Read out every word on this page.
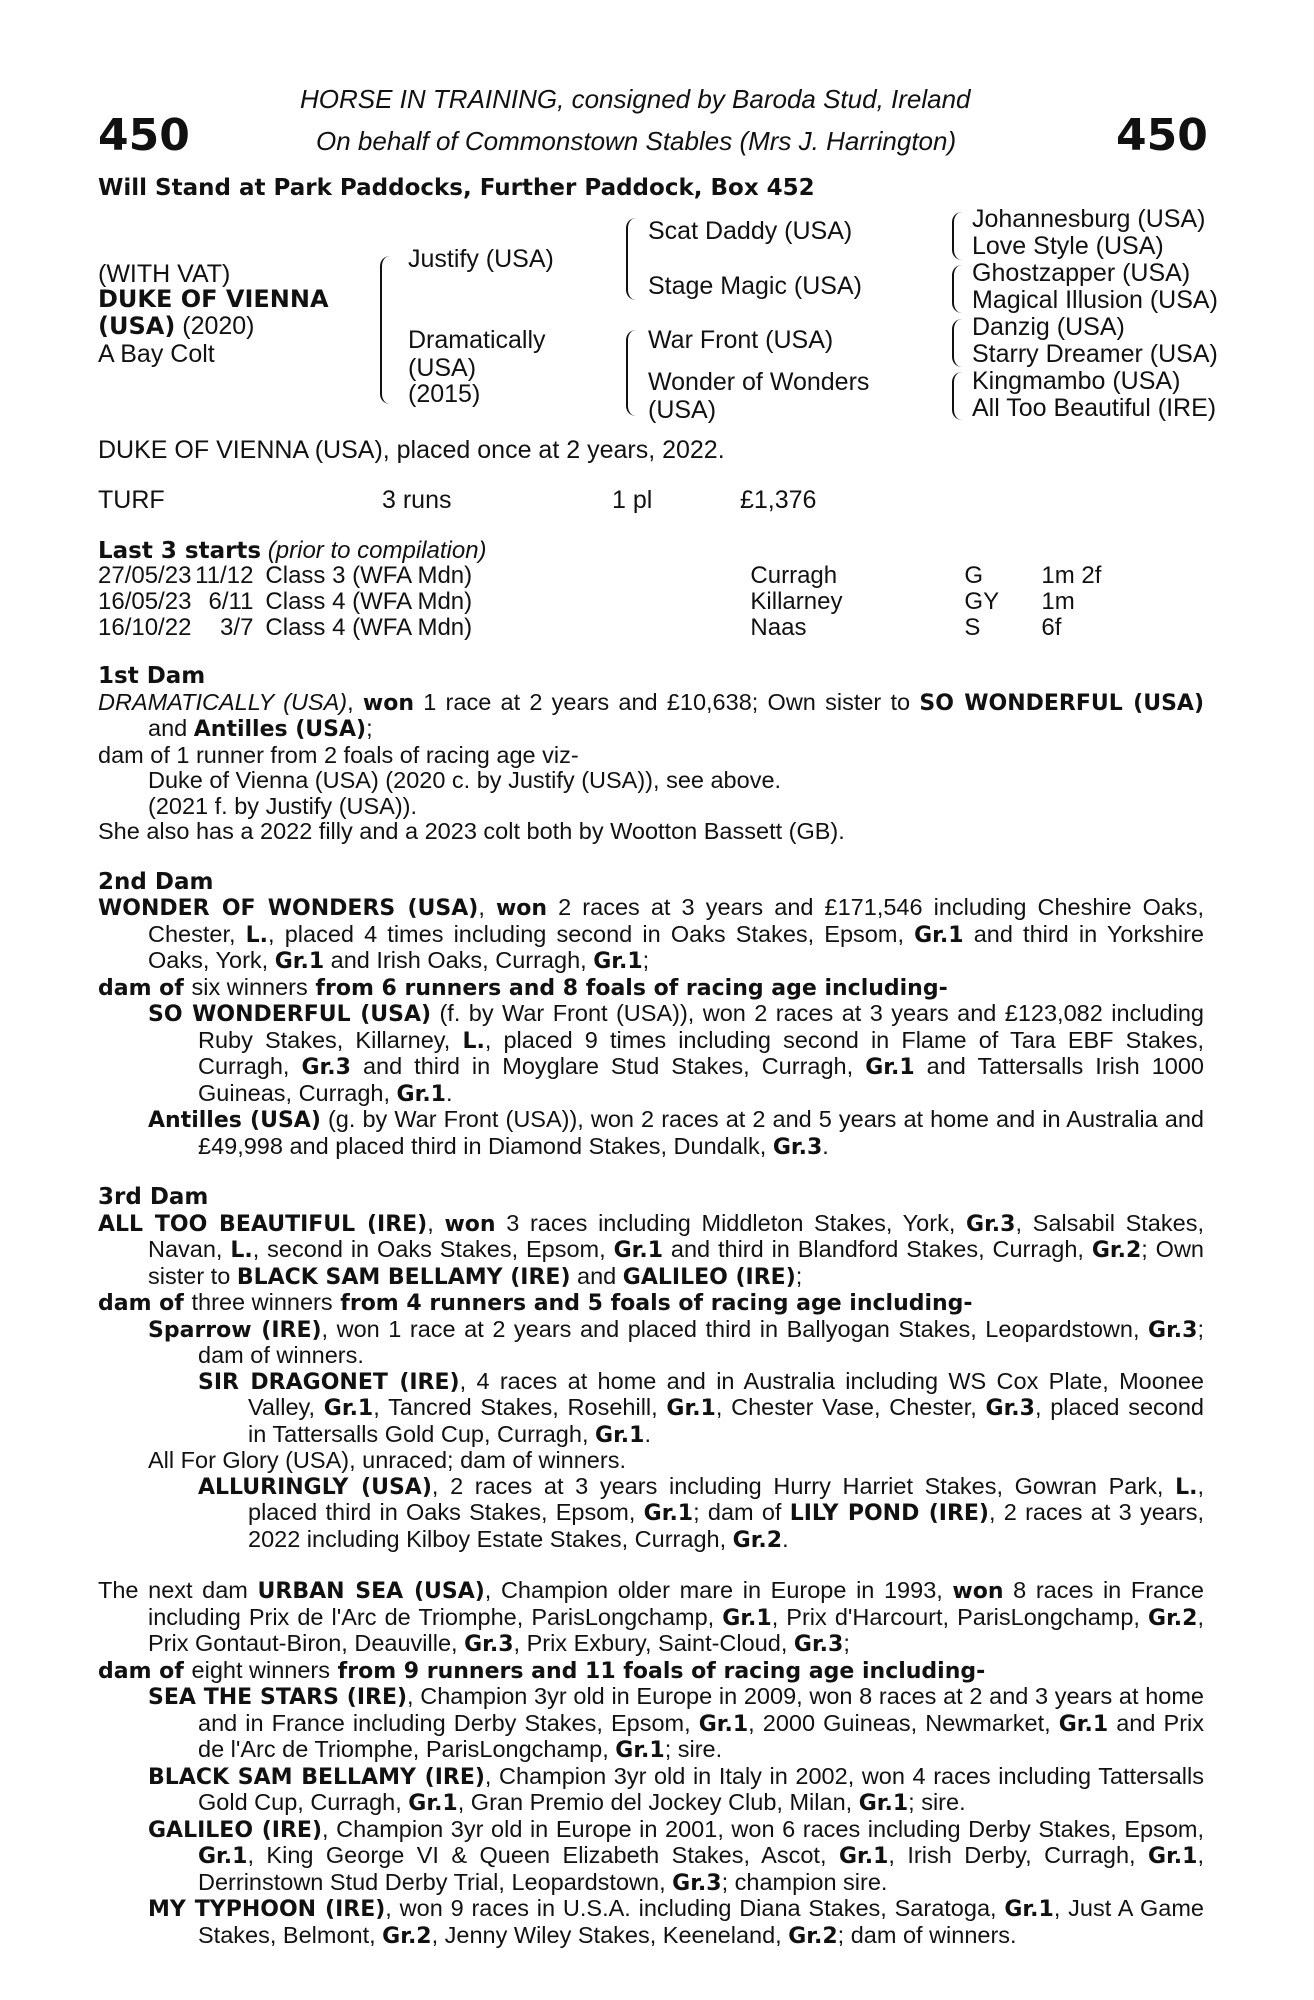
450	450
HORSE IN TRAINING, consigned by Baroda Stud, Ireland
On behalf of Commonstown Stables (Mrs J. Harrington)
Will Stand at Park Paddocks, Further Paddock, Box 452
(WITH VAT)
DUKE OF VIENNA
(USA) (2020)
A Bay Colt
Justify (USA)
Dramatically
(USA)
(2015)
Scat Daddy (USA)
Stage Magic (USA)
War Front (USA)
Wonder of Wonders
(USA)
Johannesburg (USA)
Love Style (USA)
Ghostzapper (USA)
Magical Illusion (USA)
Danzig (USA)
Starry Dreamer (USA)
Kingmambo (USA)
All Too Beautiful (IRE)
DUKE OF VIENNA (USA), placed once at 2 years, 2022.
TURF	3 runs	1 pl	£1,376
Last 3 starts (prior to compilation)
27/05/23	11/12	Class 3 (WFA Mdn)	Curragh	G	1m 2f
16/05/23	6/11	Class 4 (WFA Mdn)	Killarney	GY	1m
16/10/22	3/7	Class 4 (WFA Mdn)	Naas	S	6f

1st Dam

DRAMATICALLY (USA), won 1 race at 2 years and £10,638; Own sister to SO WONDERFUL (USA) and Antilles (USA);

dam of 1 runner from 2 foals of racing age viz-

Duke of Vienna (USA) (2020 c. by Justify (USA)), see above.

(2021 f. by Justify (USA)).

She also has a 2022 filly and a 2023 colt both by Wootton Bassett (GB).

2nd Dam

WONDER OF WONDERS (USA), won 2 races at 3 years and £171,546 including Cheshire Oaks, Chester, L., placed 4 times including second in Oaks Stakes, Epsom, Gr.1 and third in Yorkshire Oaks, York, Gr.1 and Irish Oaks, Curragh, Gr.1;

dam of six winners from 6 runners and 8 foals of racing age including-

SO WONDERFUL (USA) (f. by War Front (USA)), won 2 races at 3 years and £123,082 including Ruby Stakes, Killarney, L., placed 9 times including second in Flame of Tara EBF Stakes, Curragh, Gr.3 and third in Moyglare Stud Stakes, Curragh, Gr.1 and Tattersalls Irish 1000 Guineas, Curragh, Gr.1.

Antilles (USA) (g. by War Front (USA)), won 2 races at 2 and 5 years at home and in Australia and £49,998 and placed third in Diamond Stakes, Dundalk, Gr.3.

3rd Dam

ALL TOO BEAUTIFUL (IRE), won 3 races including Middleton Stakes, York, Gr.3, Salsabil Stakes, Navan, L., second in Oaks Stakes, Epsom, Gr.1 and third in Blandford Stakes, Curragh, Gr.2; Own sister to BLACK SAM BELLAMY (IRE) and GALILEO (IRE);

dam of three winners from 4 runners and 5 foals of racing age including-

Sparrow (IRE), won 1 race at 2 years and placed third in Ballyogan Stakes, Leopardstown, Gr.3; dam of winners.

SIR DRAGONET (IRE), 4 races at home and in Australia including WS Cox Plate, Moonee Valley, Gr.1, Tancred Stakes, Rosehill, Gr.1, Chester Vase, Chester, Gr.3, placed second in Tattersalls Gold Cup, Curragh, Gr.1.

All For Glory (USA), unraced; dam of winners.

ALLURINGLY (USA), 2 races at 3 years including Hurry Harriet Stakes, Gowran Park, L., placed third in Oaks Stakes, Epsom, Gr.1; dam of LILY POND (IRE), 2 races at 3 years, 2022 including Kilboy Estate Stakes, Curragh, Gr.2.

The next dam URBAN SEA (USA), Champion older mare in Europe in 1993, won 8 races in France including Prix de l'Arc de Triomphe, ParisLongchamp, Gr.1, Prix d'Harcourt, ParisLongchamp, Gr.2, Prix Gontaut-Biron, Deauville, Gr.3, Prix Exbury, Saint-Cloud, Gr.3;

dam of eight winners from 9 runners and 11 foals of racing age including-

SEA THE STARS (IRE), Champion 3yr old in Europe in 2009, won 8 races at 2 and 3 years at home and in France including Derby Stakes, Epsom, Gr.1, 2000 Guineas, Newmarket, Gr.1 and Prix de l'Arc de Triomphe, ParisLongchamp, Gr.1; sire.

BLACK SAM BELLAMY (IRE), Champion 3yr old in Italy in 2002, won 4 races including Tattersalls Gold Cup, Curragh, Gr.1, Gran Premio del Jockey Club, Milan, Gr.1; sire.

GALILEO (IRE), Champion 3yr old in Europe in 2001, won 6 races including Derby Stakes, Epsom, Gr.1, King George VI & Queen Elizabeth Stakes, Ascot, Gr.1, Irish Derby, Curragh, Gr.1, Derrinstown Stud Derby Trial, Leopardstown, Gr.3; champion sire.

MY TYPHOON (IRE), won 9 races in U.S.A. including Diana Stakes, Saratoga, Gr.1, Just A Game Stakes, Belmont, Gr.2, Jenny Wiley Stakes, Keeneland, Gr.2; dam of winners.
